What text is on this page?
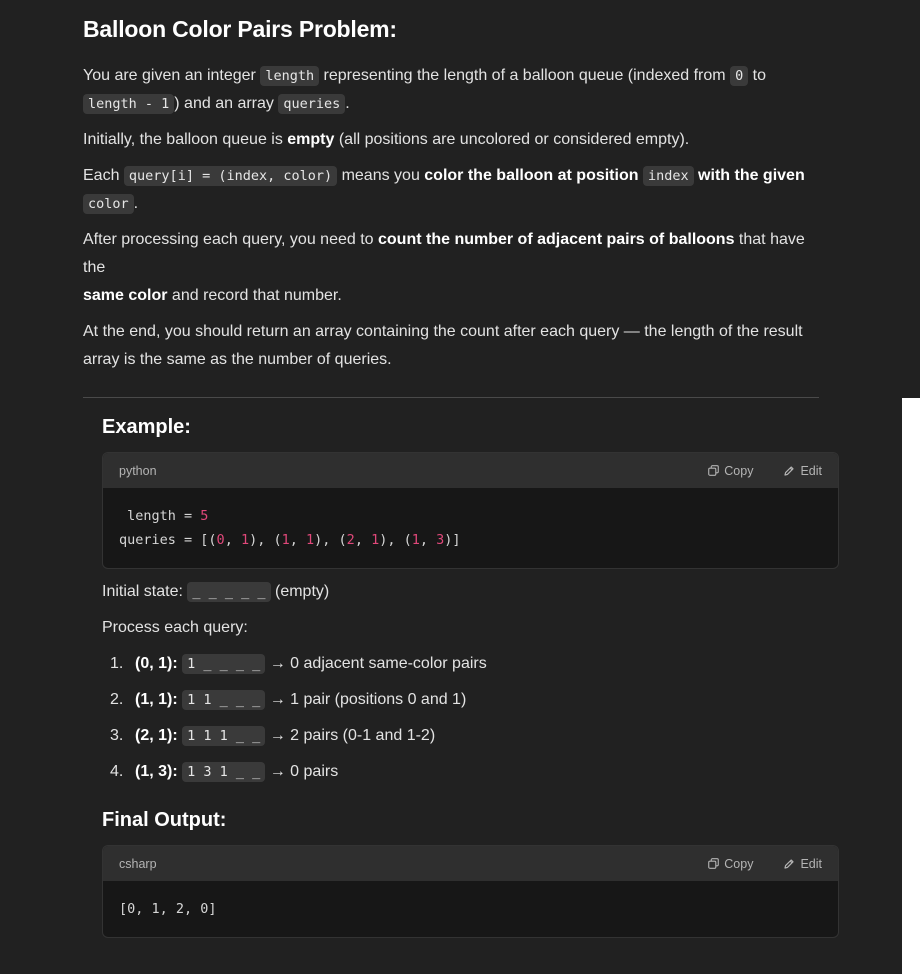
Balloon Color Pairs Problem:

You are given an integer length representing the length of a balloon queue (indexed from 0 to
length - 1 ) and an array queries .

Initially, the balloon queue is empty (all positions are uncolored or considered empty).

Each query[i] = (index, color) means you color the balloon at position index with the given
color .

After processing each query, you need to count the number of adjacent pairs of balloons that have the
same color and record that number.

At the end, you should return an array containing the count after each query — the length of the result array is the same as the number of queries.

Example:
python	Copy	Edit
length = 5
queries = [(0, 1), (1, 1), (2, 1), (1, 3)]
Initial state: _ _ _ _ _ (empty)
Process each query:
1. (0, 1): 1 _ _ _ _ → 0 adjacent same-color pairs
2. (1, 1): 1 1 _ _ _ → 1 pair (positions 0 and 1)
3. (2, 1): 1 1 1 _ _ → 2 pairs (0-1 and 1-2)
4. (1, 3): 1 3 1 _ _ → 0 pairs
Final Output:
csharp	Copy	Edit
[0, 1, 2, 0]
